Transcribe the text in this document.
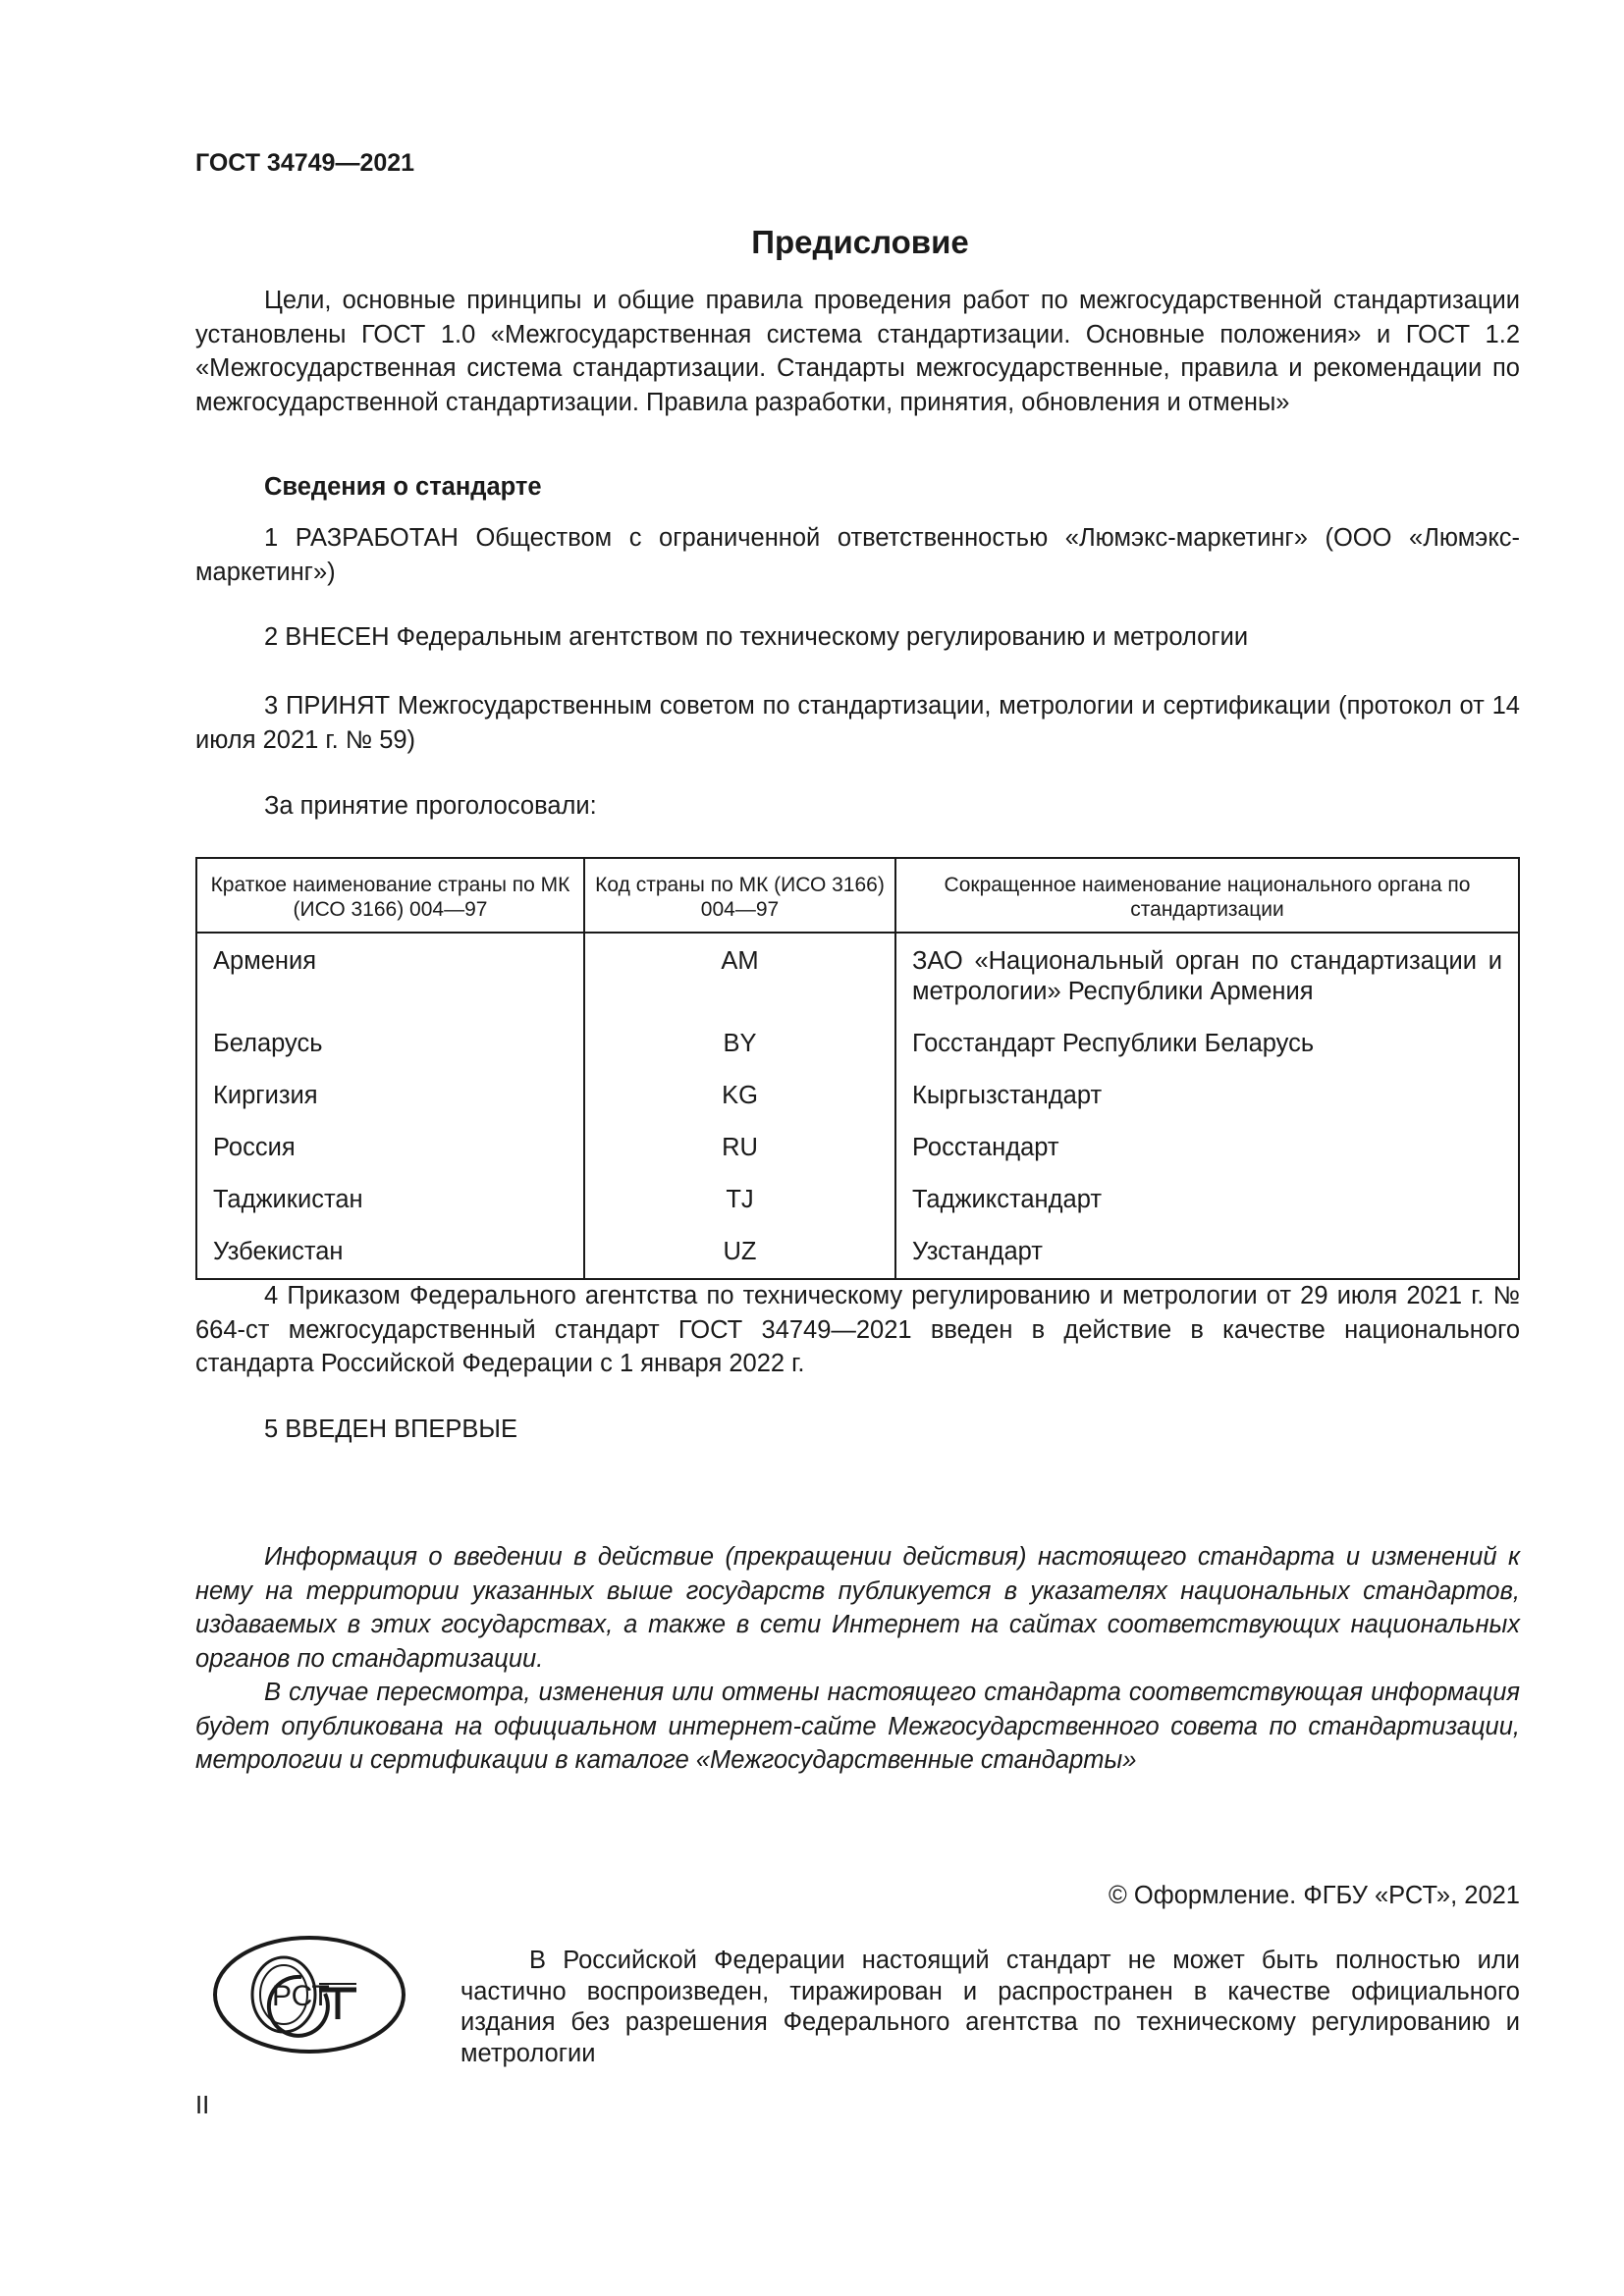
ГОСТ 34749—2021
Предисловие

Цели, основные принципы и общие правила проведения работ по межгосударственной стандартизации установлены ГОСТ 1.0 «Межгосударственная система стандартизации. Основные положения» и ГОСТ 1.2 «Межгосударственная система стандартизации. Стандарты межгосударственные, правила и рекомендации по межгосударственной стандартизации. Правила разработки, принятия, обновления и отмены»

Сведения о стандарте

1 РАЗРАБОТАН Обществом с ограниченной ответственностью «Люмэкс-маркетинг» (ООО «Люмэкс-маркетинг»)

2 ВНЕСЕН Федеральным агентством по техническому регулированию и метрологии

3 ПРИНЯТ Межгосударственным советом по стандартизации, метрологии и сертификации (протокол от 14 июля 2021 г. № 59)

За принятие проголосовали:
Краткое наименование страны по МК (ИСО 3166) 004—97	Код страны по МК (ИСО 3166) 004—97	Сокращенное наименование национального органа по стандартизации
Армения	AM	ЗАО «Национальный орган по стандартизации и метрологии» Республики Армения
Беларусь	BY	Госстандарт Республики Беларусь
Киргизия	KG	Кыргызстандарт
Россия	RU	Росстандарт
Таджикистан	TJ	Таджикстандарт
Узбекистан	UZ	Узстандарт

4 Приказом Федерального агентства по техническому регулированию и метрологии от 29 июля 2021 г. № 664-ст межгосударственный стандарт ГОСТ 34749—2021 введен в действие в качестве национального стандарта Российской Федерации с 1 января 2022 г.

5 ВВЕДЕН ВПЕРВЫЕ

Информация о введении в действие (прекращении действия) настоящего стандарта и изменений к нему на территории указанных выше государств публикуется в указателях национальных стандартов, издаваемых в этих государствах, а также в сети Интернет на сайтах соответствующих национальных органов по стандартизации.

В случае пересмотра, изменения или отмены настоящего стандарта соответствующая информация будет опубликована на официальном интернет-сайте Межгосударственного совета по стандартизации, метрологии и сертификации в каталоге «Межгосударственные стандарты»

© Оформление. ФГБУ «РСТ», 2021
РСТ

В Российской Федерации настоящий стандарт не может быть полностью или частично воспроизведен, тиражирован и распространен в качестве официального издания без разрешения Федерального агентства по техническому регулированию и метрологии

II
